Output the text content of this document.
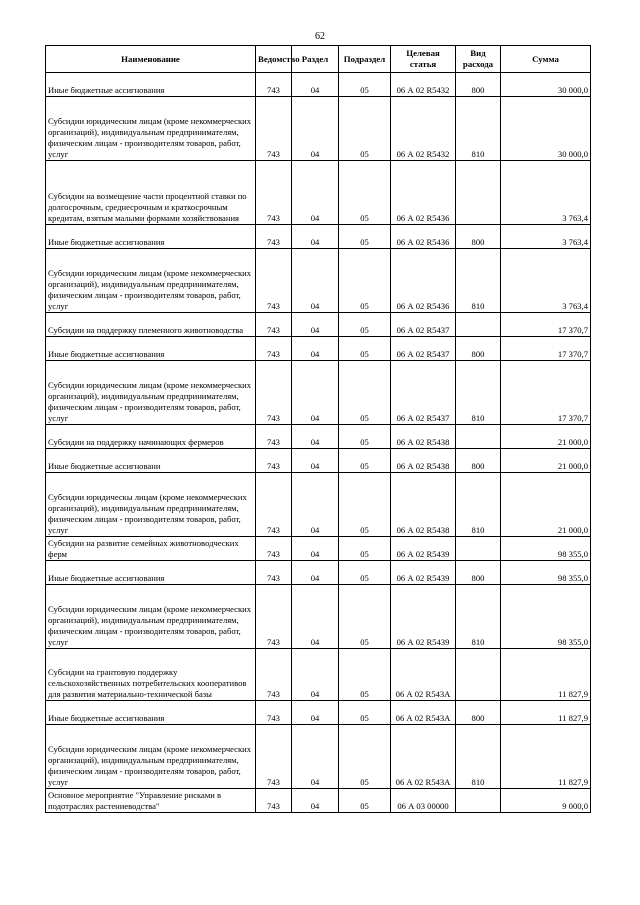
62
Наименование	Ведомство	Раздел	Подраздел	Целевая статья	Вид расхода	Сумма
Иные бюджетные ассигнования	743	04	05	06 А 02 R5432	800	30 000,0
Субсидии юридическим лицам (кроме некоммерческих организаций), индивидуальным предпринимателям, физическим лицам - производителям товаров, работ, услуг	743	04	05	06 А 02 R5432	810	30 000,0
Субсидии на возмещение части процентной ставки по долгосрочным, среднесрочным и краткосрочным кредитам, взятым малыми формами хозяйствования	743	04	05	06 А 02 R5436		3 763,4
Иные бюджетные ассигнования	743	04	05	06 А 02 R5436	800	3 763,4
Субсидии юридическим лицам (кроме некоммерческих организаций), индивидуальным предпринимателям, физическим лицам - производителям товаров, работ, услуг	743	04	05	06 А 02 R5436	810	3 763,4
Субсидии на поддержку племенного животноводства	743	04	05	06 А 02 R5437		17 370,7
Иные бюджетные ассигнования	743	04	05	06 А 02 R5437	800	17 370,7
Субсидии юридическим лицам (кроме некоммерческих организаций), индивидуальным предпринимателям, физическим лицам - производителям товаров, работ, услуг	743	04	05	06 А 02 R5437	810	17 370,7
Субсидии на поддержку начинающих фермеров	743	04	05	06 А 02 R5438		21 000,0
Иные бюджетные ассигновани	743	04	05	06 А 02 R5438	800	21 000,0
Субсидии юридическы лицам (кроме некоммерческих организаций), индивидуальным предпринимателям, физическим лицам - производителям товаров, работ, услуг	743	04	05	06 А 02 R5438	810	21 000,0
Субсидии на развитие семейных животноводческих ферм	743	04	05	06 А 02 R5439		98 355,0
Иные бюджетные ассигнования	743	04	05	06 А 02 R5439	800	98 355,0
Субсидии юридическим лицам (кроме некоммерческих организаций), индивидуальным предпринимателям, физическим лицам - производителям товаров, работ, услуг	743	04	05	06 А 02 R5439	810	98 355,0
Субсидии на грантовую поддержку сельскохозяйственных потребительских кооперативов для развития материально-технической базы	743	04	05	06 А 02 R543А		11 827,9
Иные бюджетные ассигнования	743	04	05	06 А 02 R543А	800	11 827,9
Субсидии юридическим лицам (кроме некоммерческих организаций), индивидуальным предпринимателям, физическим лицам - производителям товаров, работ, услуг	743	04	05	06 А 02 R543А	810	11 827,9
Основное мероприятие "Управление рисками в подотраслях растениеводства"	743	04	05	06 А 03 00000		9 000,0
